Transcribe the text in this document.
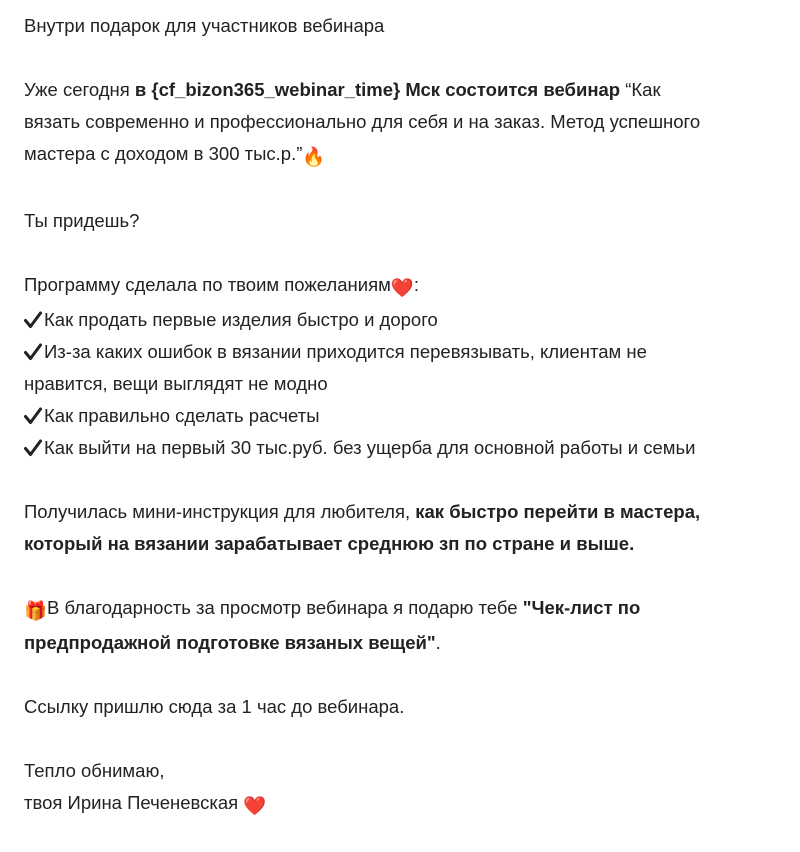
Внутри подарок для участников вебинара

Уже сегодня в {cf_bizon365_webinar_time} Мск состоится вебинар “Как
вязать современно и профессионально для себя и на заказ. Метод успешного
мастера с доходом в 300 тыс.р.”🔥

Ты придешь?

Программу сделала по твоим пожеланиям❤️:
Как продать первые изделия быстро и дорого
Из-за каких ошибок в вязании приходится перевязывать, клиентам не
нравится, вещи выглядят не модно
Как правильно сделать расчеты
Как выйти на первый 30 тыс.руб. без ущерба для основной работы и семьи

Получилась мини-инструкция для любителя, как быстро перейти в мастера,
который на вязании зарабатывает среднюю зп по стране и выше.

🎁В благодарность за просмотр вебинара я подарю тебе "Чек-лист по
предпродажной подготовке вязаных вещей".

Ссылку пришлю сюда за 1 час до вебинара.

Тепло обнимаю,
твоя Ирина Печеневская ❤️
